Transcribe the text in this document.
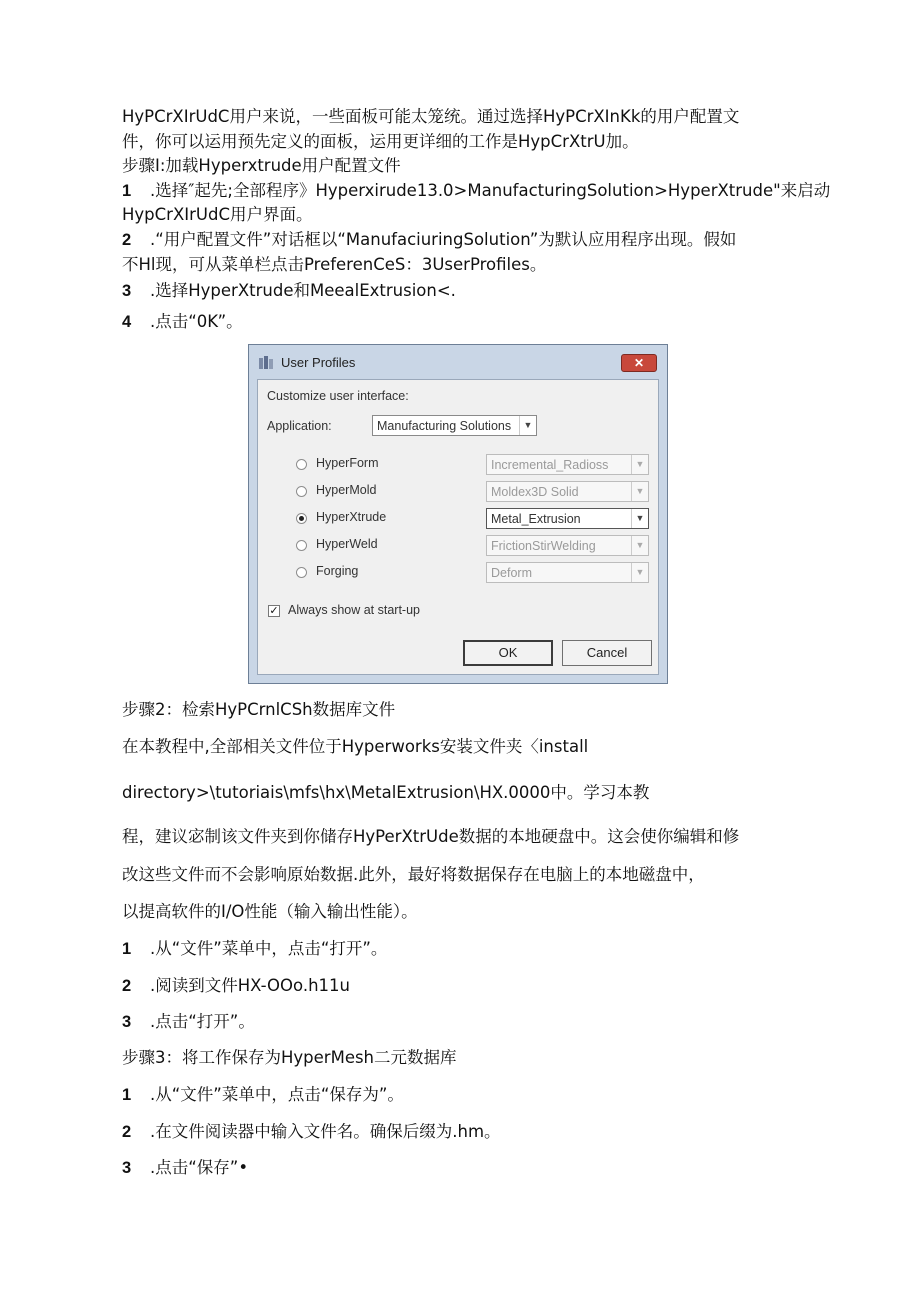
HyPCrXIrUdC用户来说，一些面板可能太笼统。通过选择HyPCrXInKk的用户配置文
件，你可以运用预先定义的面板，运用更详细的工作是HypCrXtrU加。
步骤I:加载Hyperxtrude用户配置文件
1 .选择″起先;全部程序》Hyperxirude13.0>ManufacturingSolution>HyperXtrude"来启动
HypCrXIrUdC用户界面。
2 .“用户配置文件”对话框以“ManufaciuringSolution”为默认应用程序出现。假如
不Hl现，可从菜单栏点击PreferenCeS：3UserProfiles。
3 .选择HyperXtrude和MeealExtrusion<.
4 .点击“0K”。
User Profiles	✕
Customize user interface:
Application:	Manufacturing Solutions	▼
HyperForm	Incremental_Radioss	▼
HyperMold	Moldex3D Solid	▼
HyperXtrude	Metal_Extrusion	▼
HyperWeld	FrictionStirWelding	▼
Forging	Deform	▼
✓ Always show at start-up
OK	Cancel
步骤2：检索HyPCrnlCSh数据库文件
在本教程中,全部相关文件位于Hyperworks安装文件夹〈install
directory>\tutoriais\mfs\hx\MetalExtrusion\HX.0000中。学习本教
程，建议宓制该文件夹到你储存HyPerXtrUde数据的本地硬盘中。这会使你编辑和修
改这些文件而不会影响原始数据.此外，最好将数据保存在电脑上的本地磁盘中，
以提高软件的I/O性能（输入输出性能）。
1 .从“文件”菜单中，点击“打开”。
2 .阅读到文件HX-OOo.h11u
3 .点击“打开”。
步骤3：将工作保存为HyperMesh二元数据库
1 .从“文件”菜单中，点击“保存为”。
2 .在文件阅读器中输入文件名。确保后缀为.hm。
3 .点击“保存”•
